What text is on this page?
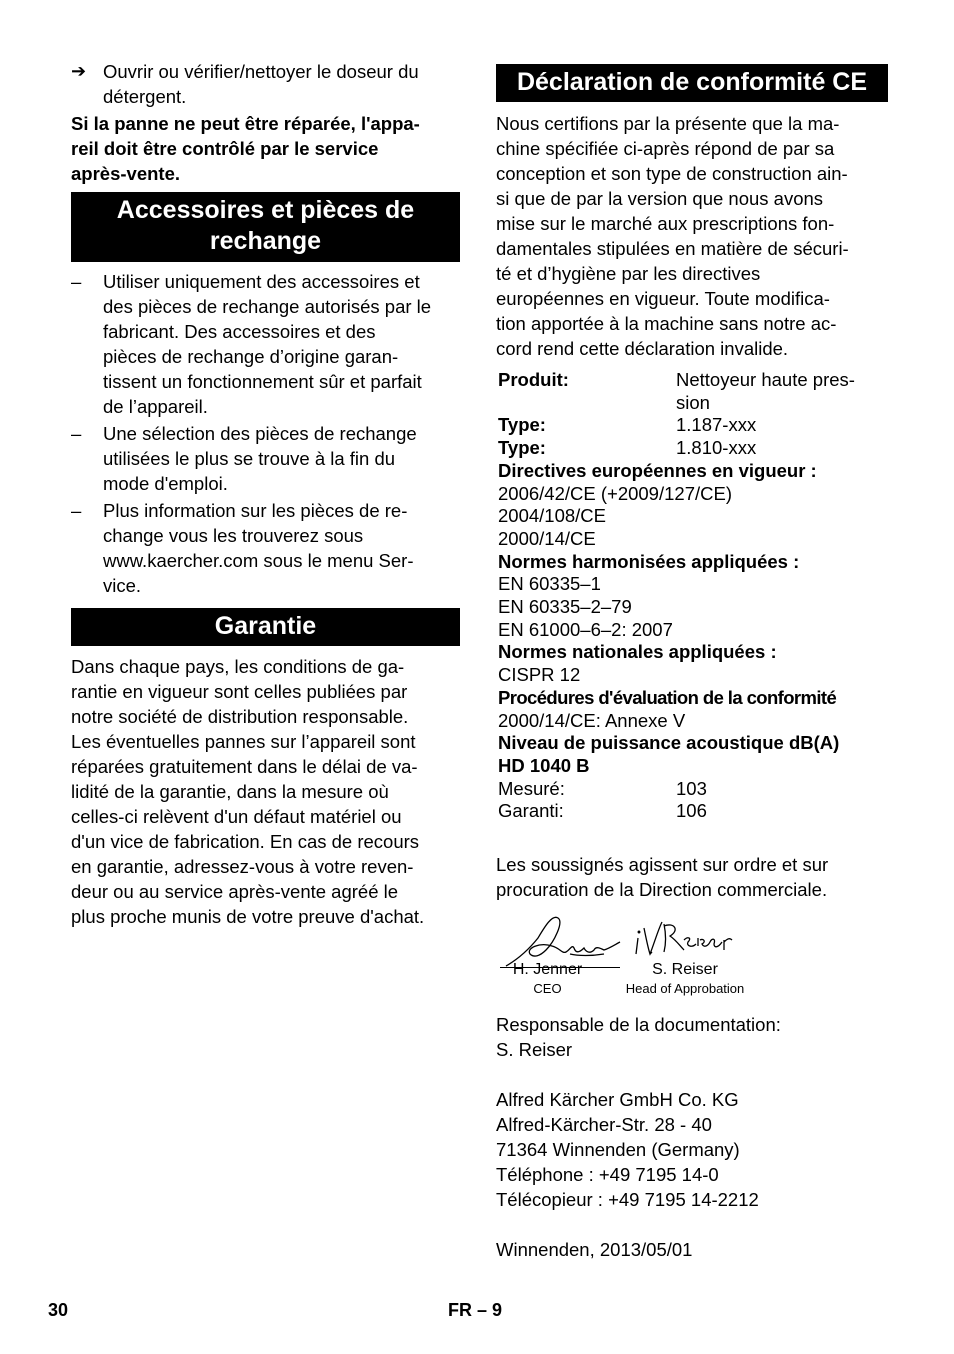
➔ Ouvrir ou vérifier/nettoyer le doseur du
détergent.
Si la panne ne peut être réparée, l'appa-
reil doit être contrôlé par le service
après-vente.
Accessoires et pièces de
rechange
– Utiliser uniquement des accessoires et
des pièces de rechange autorisés par le
fabricant. Des accessoires et des
pièces de rechange d’origine garan-
tissent un fonctionnement sûr et parfait
de l’appareil.
– Une sélection des pièces de rechange
utilisées le plus se trouve à la fin du
mode d'emploi.
– Plus information sur les pièces de re-
change vous les trouverez sous
www.kaercher.com sous le menu Ser-
vice.
Garantie
Dans chaque pays, les conditions de ga-
rantie en vigueur sont celles publiées par
notre société de distribution responsable.
Les éventuelles pannes sur l’appareil sont
réparées gratuitement dans le délai de va-
lidité de la garantie, dans la mesure où
celles-ci relèvent d'un défaut matériel ou
d'un vice de fabrication. En cas de recours
en garantie, adressez-vous à votre reven-
deur ou au service après-vente agréé le
plus proche munis de votre preuve d'achat.
Déclaration de conformité CE
Nous certifions par la présente que la ma-
chine spécifiée ci-après répond de par sa
conception et son type de construction ain-
si que de par la version que nous avons
mise sur le marché aux prescriptions fon-
damentales stipulées en matière de sécuri-
té et d’hygiène par les directives
européennes en vigueur. Toute modifica-
tion apportée à la machine sans notre ac-
cord rend cette déclaration invalide.
Produit:	Nettoyeur haute pres-
sion
Type:	1.187-xxx
Type:	1.810-xxx
Directives européennes en vigueur :
2006/42/CE (+2009/127/CE)
2004/108/CE
2000/14/CE
Normes harmonisées appliquées :
EN 60335–1
EN 60335–2–79
EN 61000–6–2: 2007
Normes nationales appliquées :
CISPR 12
Procédures d'évaluation de la conformité
2000/14/CE: Annexe V
Niveau de puissance acoustique dB(A)
HD 1040 B
Mesuré:	103
Garanti:	106
Les soussignés agissent sur ordre et sur
procuration de la Direction commerciale.
H. Jenner
CEO
S. Reiser
Head of Approbation
Responsable de la documentation:
S. Reiser
Alfred Kärcher GmbH Co. KG
Alfred-Kärcher-Str. 28 - 40
71364 Winnenden (Germany)
Téléphone : +49 7195 14-0
Télécopieur : +49 7195 14-2212
Winnenden, 2013/05/01
30	FR – 9
